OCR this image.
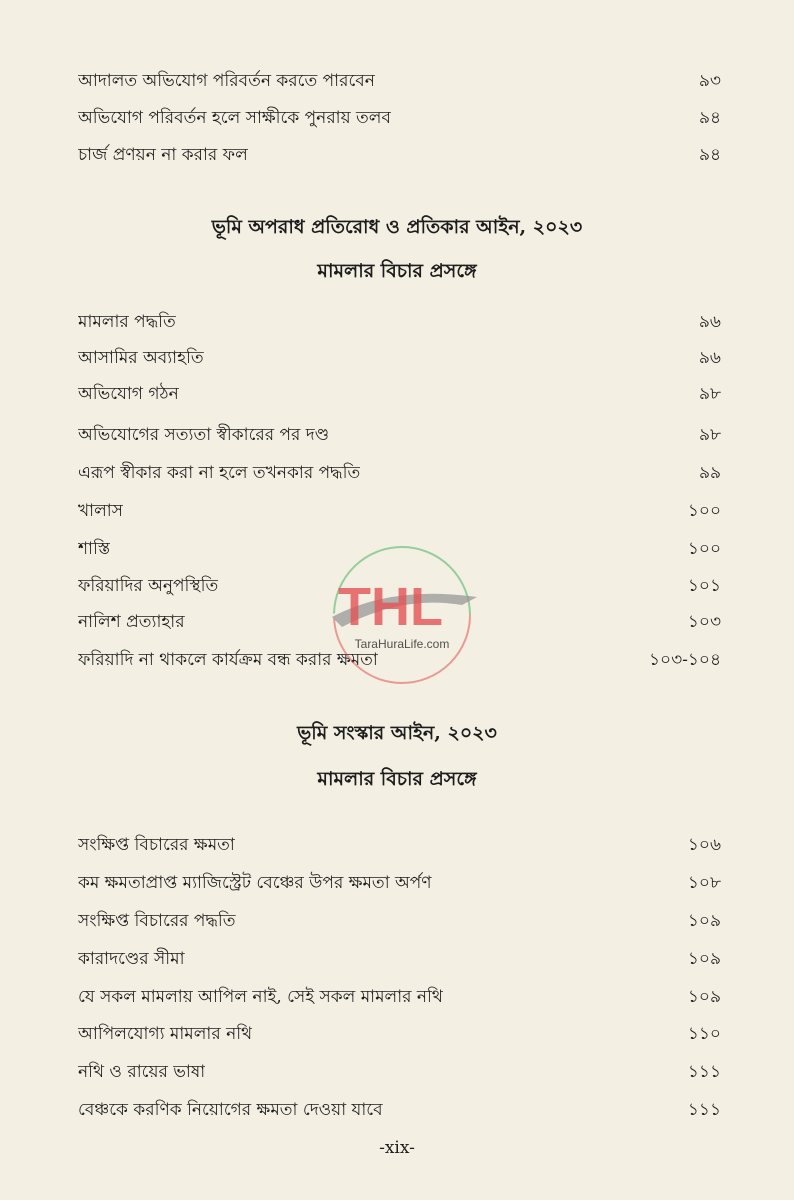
আদালত অভিযোগ পরিবর্তন করতে পারবেন	৯৩
অভিযোগ পরিবর্তন হলে সাক্ষীকে পুনরায় তলব	৯৪
চার্জ প্রণয়ন না করার ফল	৯৪
ভূমি অপরাধ প্রতিরোধ ও প্রতিকার আইন, ২০২৩
মামলার বিচার প্রসঙ্গে
মামলার পদ্ধতি	৯৬
আসামির অব্যাহতি	৯৬
অভিযোগ গঠন	৯৮
অভিযোগের সত্যতা স্বীকারের পর দণ্ড	৯৮
এরূপ স্বীকার করা না হলে তখনকার পদ্ধতি	৯৯
খালাস	১০০
শাস্তি	১০০
ফরিয়াদির অনুপস্থিতি	১০১
নালিশ প্রত্যাহার	১০৩
ফরিয়াদি না থাকলে কার্যক্রম বন্ধ করার ক্ষমতা	১০৩-১০৪
ভূমি সংস্কার আইন, ২০২৩
মামলার বিচার প্রসঙ্গে
সংক্ষিপ্ত বিচারের ক্ষমতা	১০৬
কম ক্ষমতাপ্রাপ্ত ম্যাজিস্ট্রেট বেঞ্চের উপর ক্ষমতা অর্পণ	১০৮
সংক্ষিপ্ত বিচারের পদ্ধতি	১০৯
কারাদণ্ডের সীমা	১০৯
যে সকল মামলায় আপিল নাই, সেই সকল মামলার নথি	১০৯
আপিলযোগ্য মামলার নথি	১১০
নথি ও রায়ের ভাষা	১১১
বেঞ্চকে করণিক নিয়োগের ক্ষমতা দেওয়া যাবে	১১১
-xix-
THL
TaraHuraLife.com
